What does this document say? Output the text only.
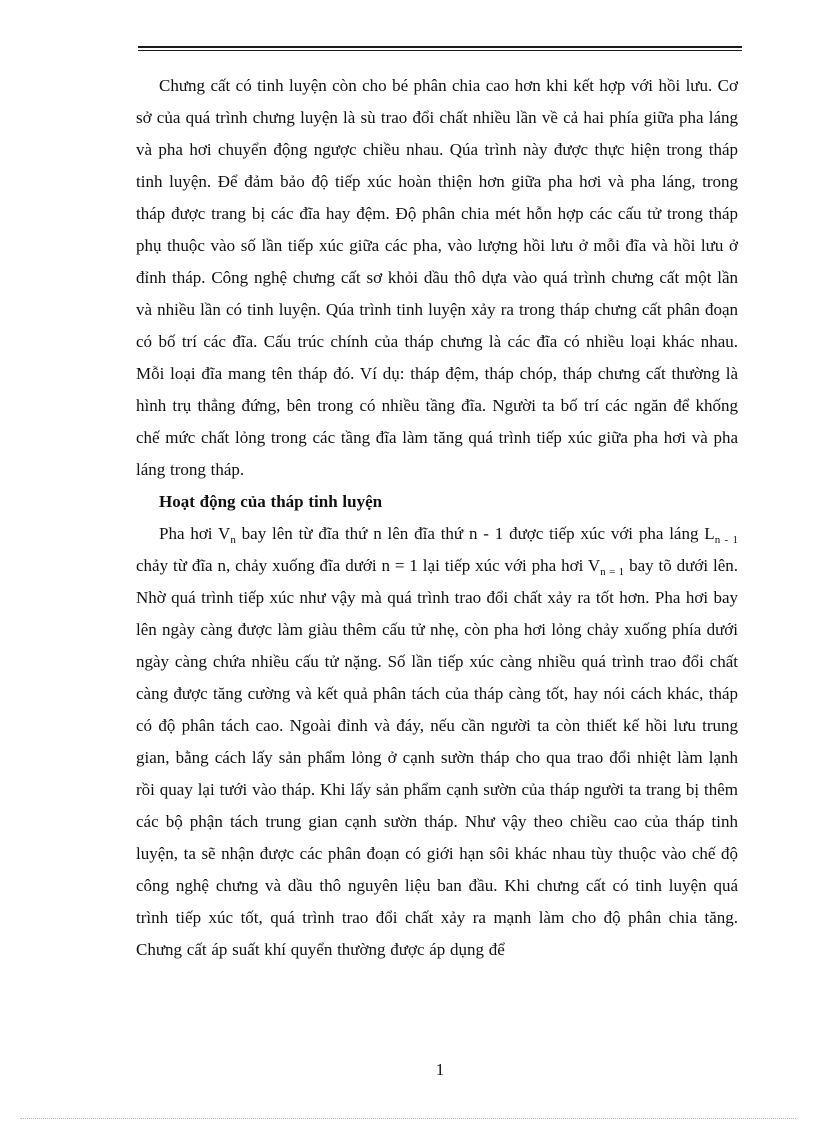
Chưng cất có tinh luyện còn cho bé phân chia cao hơn khi kết hợp với hồi lưu. Cơ sở của quá trình chưng luyện là sù trao đổi chất nhiều lần về cả hai phía giữa pha láng và pha hơi chuyển động ngược chiều nhau. Qúa trình này được thực hiện trong tháp tinh luyện. Để đảm bảo độ tiếp xúc hoàn thiện hơn giữa pha hơi và pha láng, trong tháp được trang bị các đĩa hay đệm. Độ phân chia mét hỗn hợp các cấu tử trong tháp phụ thuộc vào số lần tiếp xúc giữa các pha, vào lượng hồi lưu ở mỗi đĩa và hồi lưu ở đỉnh tháp. Công nghệ chưng cất sơ khỏi dầu thô dựa vào quá trình chưng cất một lần và nhiều lần có tinh luyện. Qúa trình tinh luyện xảy ra trong tháp chưng cất phân đoạn có bố trí các đĩa. Cấu trúc chính của tháp chưng là các đĩa có nhiều loại khác nhau. Mỗi loại đĩa mang tên tháp đó. Ví dụ: tháp đệm, tháp chóp, tháp chưng cất thường là hình trụ thẳng đứng, bên trong có nhiều tầng đĩa. Người ta bố trí các ngăn để khống chế mức chất lỏng trong các tầng đĩa làm tăng quá trình tiếp xúc giữa pha hơi và pha láng trong tháp.

Hoạt động của tháp tinh luyện

Pha hơi $V_n$ bay lên từ đĩa thứ n lên đĩa thứ n - 1 được tiếp xúc với pha láng $L_{n - 1}$ chảy từ đĩa n, chảy xuống đĩa dưới n = 1 lại tiếp xúc với pha hơi $V_{n = 1}$ bay tõ dưới lên. Nhờ quá trình tiếp xúc như vậy mà quá trình trao đổi chất xảy ra tốt hơn. Pha hơi bay lên ngày càng được làm giàu thêm cấu tử nhẹ, còn pha hơi lỏng chảy xuống phía dưới ngày càng chứa nhiều cấu tử nặng. Số lần tiếp xúc càng nhiều quá trình trao đổi chất càng được tăng cường và kết quả phân tách của tháp càng tốt, hay nói cách khác, tháp có độ phân tách cao. Ngoài đỉnh và đáy, nếu cần người ta còn thiết kế hồi lưu trung gian, bằng cách lấy sản phẩm lỏng ở cạnh sườn tháp cho qua trao đổi nhiệt làm lạnh rồi quay lại tưới vào tháp. Khi lấy sản phẩm cạnh sườn của tháp người ta trang bị thêm các bộ phận tách trung gian cạnh sườn tháp. Như vậy theo chiều cao của tháp tinh luyện, ta sẽ nhận được các phân đoạn có giới hạn sôi khác nhau tùy thuộc vào chế độ công nghệ chưng và dầu thô nguyên liệu ban đầu. Khi chưng cất có tinh luyện quá trình tiếp xúc tốt, quá trình trao đổi chất xảy ra mạnh làm cho độ phân chia tăng. Chưng cất áp suất khí quyển thường được áp dụng để

1
